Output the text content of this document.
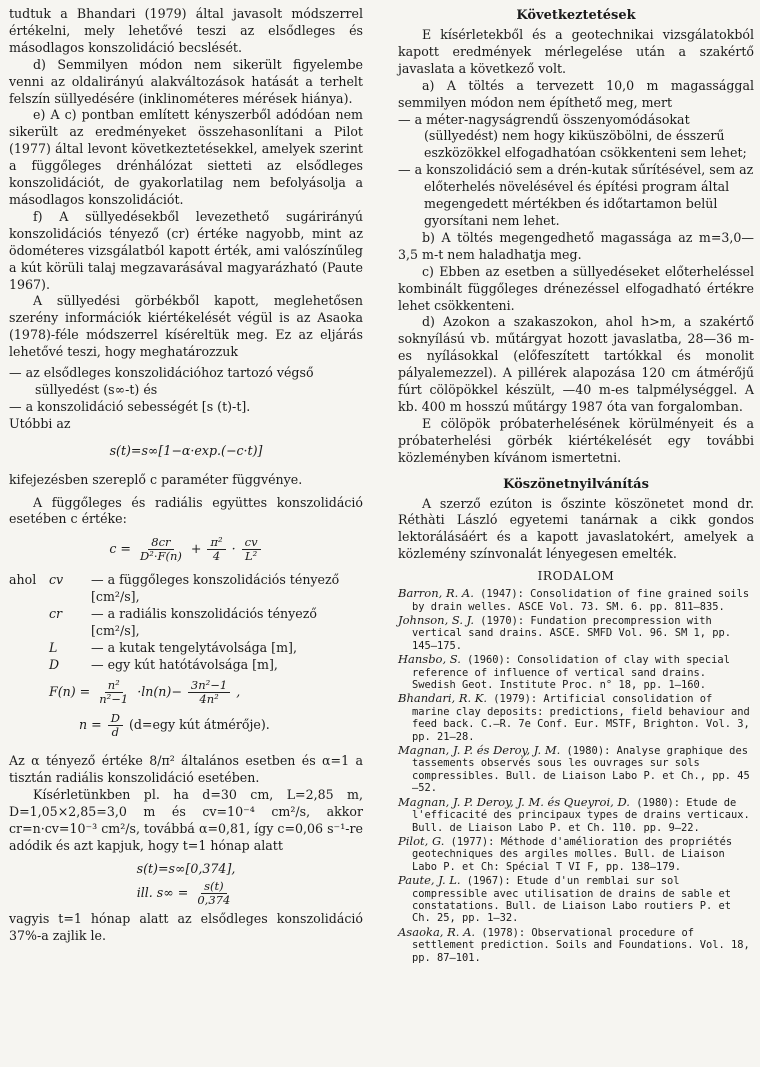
tudtuk a Bhandari (1979) által javasolt módszerrel értékelni, mely lehetővé teszi az elsődleges és másodlagos konszolidáció becslését.

d) Semmilyen módon nem sikerült figyelembe venni az oldalirányú alakváltozások hatását a terhelt felszín süllyedésére (inklinométeres mérések hiánya).

e) A c) pontban említett kényszerből adódóan nem sikerült az eredményeket összehasonlítani a Pilot (1977) által levont következtetésekkel, amelyek szerint a függőleges drénhálózat sietteti az elsődleges konszolidációt, de gyakorlatilag nem befolyásolja a másodlagos konszolidációt.

f) A süllyedésekből levezethető sugárirányú konszolidációs tényező (cr) értéke nagyobb, mint az ödométeres vizsgálatból kapott érték, ami valószínűleg a kút körüli talaj megzavarásával magyarázható (Paute 1967).

A süllyedési görbékből kapott, meglehetősen szerény információk kiértékelését végül is az Asaoka (1978)-féle módszerrel kíséreltük meg. Ez az eljárás lehetővé teszi, hogy meghatározzuk

— az elsődleges konszolidációhoz tartozó végső süllyedést (s∞-t) és

— a konszolidáció sebességét [s (t)-t].

Utóbbi az

s(t)=s∞[1−α·exp.(−c·t)]

kifejezésben szereplő c paraméter függvénye.

A függőleges és radiális együttes konszolidáció esetében c értéke:

$c = \frac{8cr}{\text{D²·F(n)}} + \frac{\text{π²}}{4} \cdot \frac{cv}{\text{L²}}$
ahol	cv	— a függőleges konszolidációs tényező [cm²/s],
cr	— a radiális konszolidációs tényező [cm²/s],
L	— a kutak tengelytávolsága [m],
D	— egy kút hatótávolsága [m],
$F(n) = \frac{\text{n²}}{\text{n²−1}} \cdot\ln(n)- \frac{\text{3n²−1}}{\text{4n²}}$ ,
$n = \frac{D}{d} (d=egy$ kút átmérője).

Az α tényező értéke 8/π² általános esetben és α=1 a tisztán radiális konszolidáció esetében.

Kísérletünkben pl. ha d=30 cm, L=2,85 m, D=1,05×2,85=3,0 m és cv=10⁻⁴ cm²/s, akkor cr=n·cv=10⁻³ cm²/s, továbbá α=0,81, így c=0,06 s⁻¹-re adódik és azt kapjuk, hogy t=1 hónap alatt

s(t)=s∞[0,374],
ill. $s\infty = \frac{s(t)}{0,374}$

vagyis t=1 hónap alatt az elsődleges konszolidáció 37%-a zajlik le.

Következtetések

E kísérletekből és a geotechnikai vizsgálatokból kapott eredmények mérlegelése után a szakértő javaslata a következő volt.

a) A töltés a tervezett 10,0 m magassággal semmilyen módon nem építhető meg, mert

— a méter-nagyságrendű összenyomódásokat (süllyedést) nem hogy kiküszöbölni, de ésszerű eszközökkel elfogadhatóan csökkenteni sem lehet;

— a konszolidáció sem a drén-kutak sűrítésével, sem az előterhelés növelésével és építési program által megengedett mértékben és időtartamon belül gyorsítani nem lehet.

b) A töltés megengedhető magassága az m=3,0—3,5 m-t nem haladhatja meg.

c) Ebben az esetben a süllyedéseket előterheléssel kombinált függőleges drénezéssel elfogadható értékre lehet csökkenteni.

d) Azokon a szakaszokon, ahol h>m, a szakértő soknyílású vb. műtárgyat hozott javaslatba, 28—36 m-es nyílásokkal (előfeszített tartókkal és monolit pályalemezzel). A pillérek alapozása 120 cm átmérőjű fúrt cölöpökkel készült, —40 m-es talpmélységgel. A kb. 400 m hosszú műtárgy 1987 óta van forgalomban.

E cölöpök próbaterhelésének körülményeit és a próbaterhelési görbék kiértékelését egy további közleményben kívánom ismertetni.

Köszönetnyilvánítás

A szerző ezúton is őszinte köszönetet mond dr. Réthàti László egyetemi tanárnak a cikk gondos lektorálásáért és a kapott javaslatokért, amelyek a közlemény színvonalát lényegesen emelték.

IRODALOM

Barron, R. A. (1947): Consolidation of fine grained soils by drain welles. ASCE Vol. 73. SM. 6. pp. 811—835.

Johnson, S. J. (1970): Fundation precompression with vertical sand drains. ASCE. SMFD Vol. 96. SM 1, pp. 145—175.

Hansbo, S. (1960): Consolidation of clay with special reference of influence of vertical sand drains. Swedish Geot. Institute Proc. n° 18, pp. 1—160.

Bhandari, R. K. (1979): Artificial consolidation of marine clay deposits: predictions, field behaviour and feed back. C.—R. 7e Conf. Eur. MSTF, Brighton. Vol. 3, pp. 21—28.

Magnan, J. P. és Deroy, J. M. (1980): Analyse graphique des tassements observés sous les ouvrages sur sols compressibles. Bull. de Liaison Labo P. et Ch., pp. 45—52.

Magnan, J. P. Deroy, J. M. és Queyroi, D. (1980): Etude de l'efficacité des principaux types de drains verticaux. Bull. de Liaison Labo P. et Ch. 110. pp. 9—22.

Pilot, G. (1977): Méthode d'amélioration des propriétés geotechniques des argiles molles. Bull. de Liaison Labo P. et Ch: Spécial T VI F, pp. 138—179.

Paute, J. L. (1967): Etude d'un remblai sur sol compressible avec utilisation de drains de sable et constatations. Bull. de Liaison Labo routiers P. et Ch. 25, pp. 1—32.

Asaoka, R. A. (1978): Observational procedure of settlement prediction. Soils and Foundations. Vol. 18, pp. 87—101.
